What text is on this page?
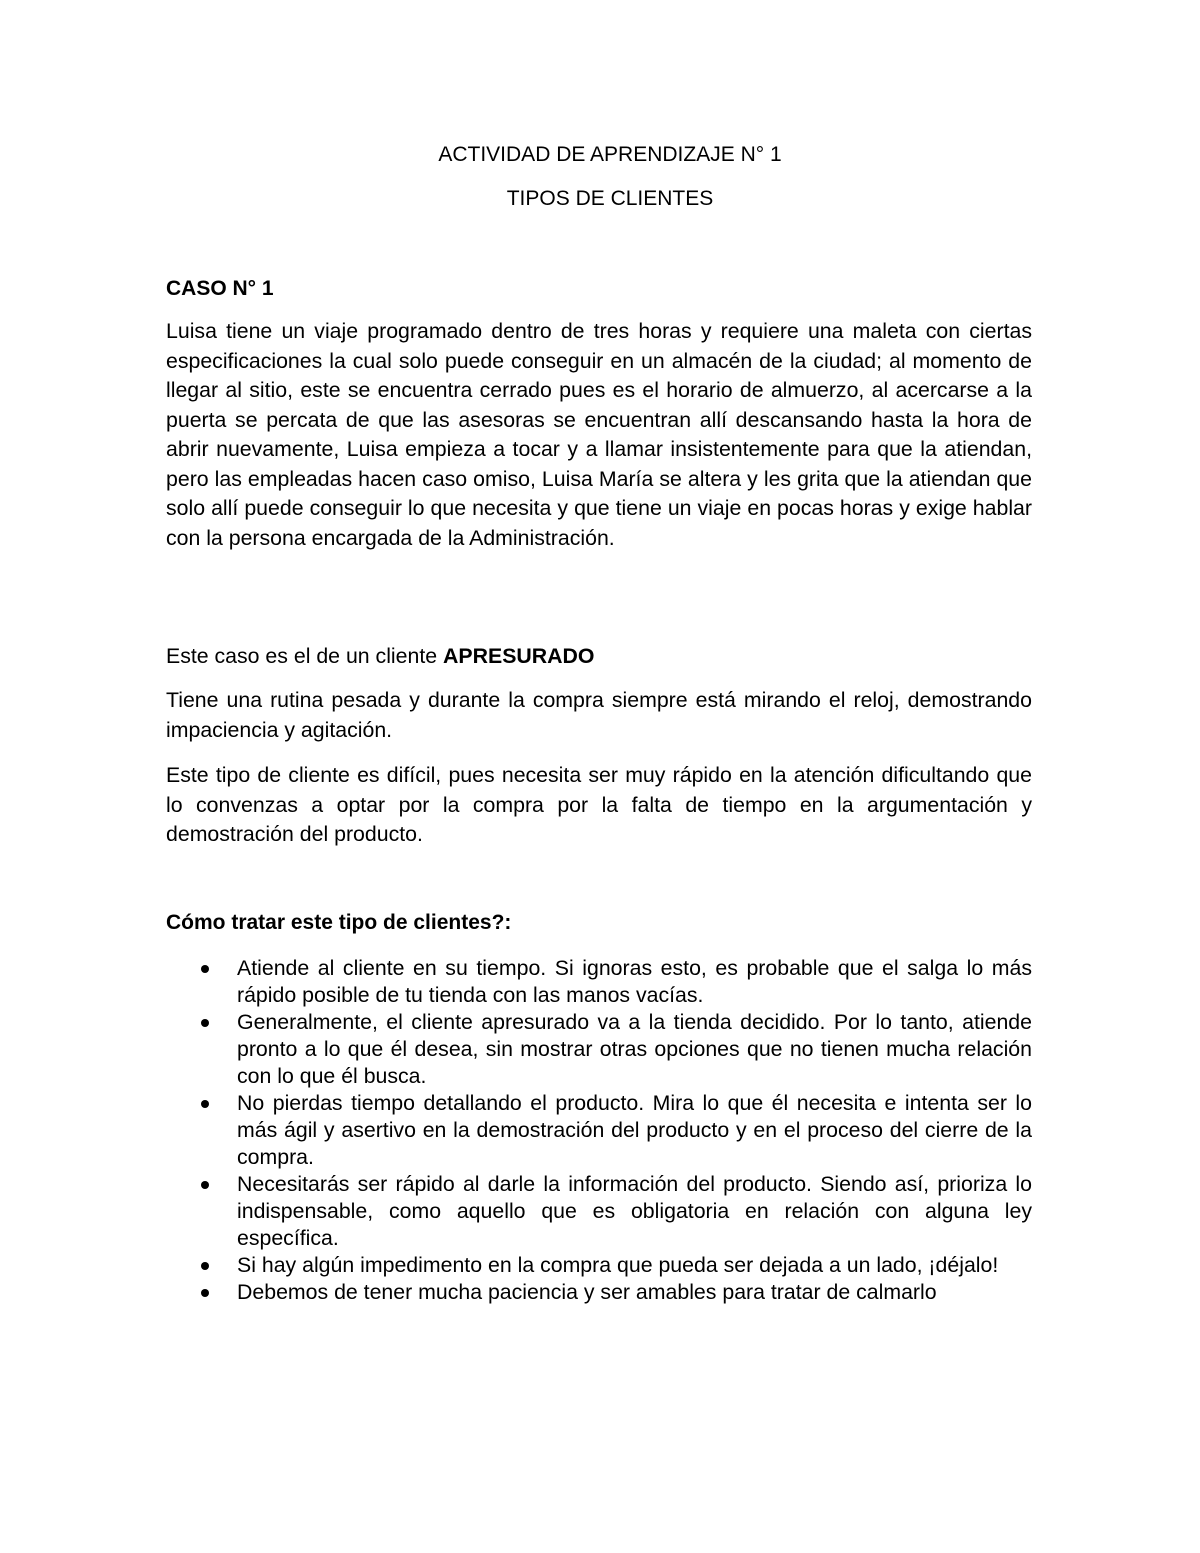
ACTIVIDAD DE APRENDIZAJE N° 1
TIPOS DE CLIENTES
CASO N° 1

Luisa tiene un viaje programado dentro de tres horas y requiere una maleta con ciertas especificaciones la cual solo puede conseguir en un almacén de la ciudad; al momento de llegar al sitio, este se encuentra cerrado pues es el horario de almuerzo, al acercarse a la puerta se percata de que las asesoras se encuentran allí descansando hasta la hora de abrir nuevamente, Luisa empieza a tocar y a llamar insistentemente para que la atiendan, pero las empleadas hacen caso omiso, Luisa María se altera y les grita que la atiendan que solo allí puede conseguir lo que necesita y que tiene un viaje en pocas horas y exige hablar con la persona encargada de la Administración.

Este caso es el de un cliente APRESURADO

Tiene una rutina pesada y durante la compra siempre está mirando el reloj, demostrando impaciencia y agitación.

Este tipo de cliente es difícil, pues necesita ser muy rápido en la atención dificultando que lo convenzas a optar por la compra por la falta de tiempo en la argumentación y demostración del producto.

Cómo tratar este tipo de clientes?:
Atiende al cliente en su tiempo. Si ignoras esto, es probable que el salga lo más rápido posible de tu tienda con las manos vacías.
Generalmente, el cliente apresurado va a la tienda decidido. Por lo tanto, atiende pronto a lo que él desea, sin mostrar otras opciones que no tienen mucha relación con lo que él busca.
No pierdas tiempo detallando el producto. Mira lo que él necesita e intenta ser lo más ágil y asertivo en la demostración del producto y en el proceso del cierre de la compra.
Necesitarás ser rápido al darle la información del producto. Siendo así, prioriza lo indispensable, como aquello que es obligatoria en relación con alguna ley específica.
Si hay algún impedimento en la compra que pueda ser dejada a un lado, ¡déjalo!
Debemos de tener mucha paciencia y ser amables para tratar de calmarlo
